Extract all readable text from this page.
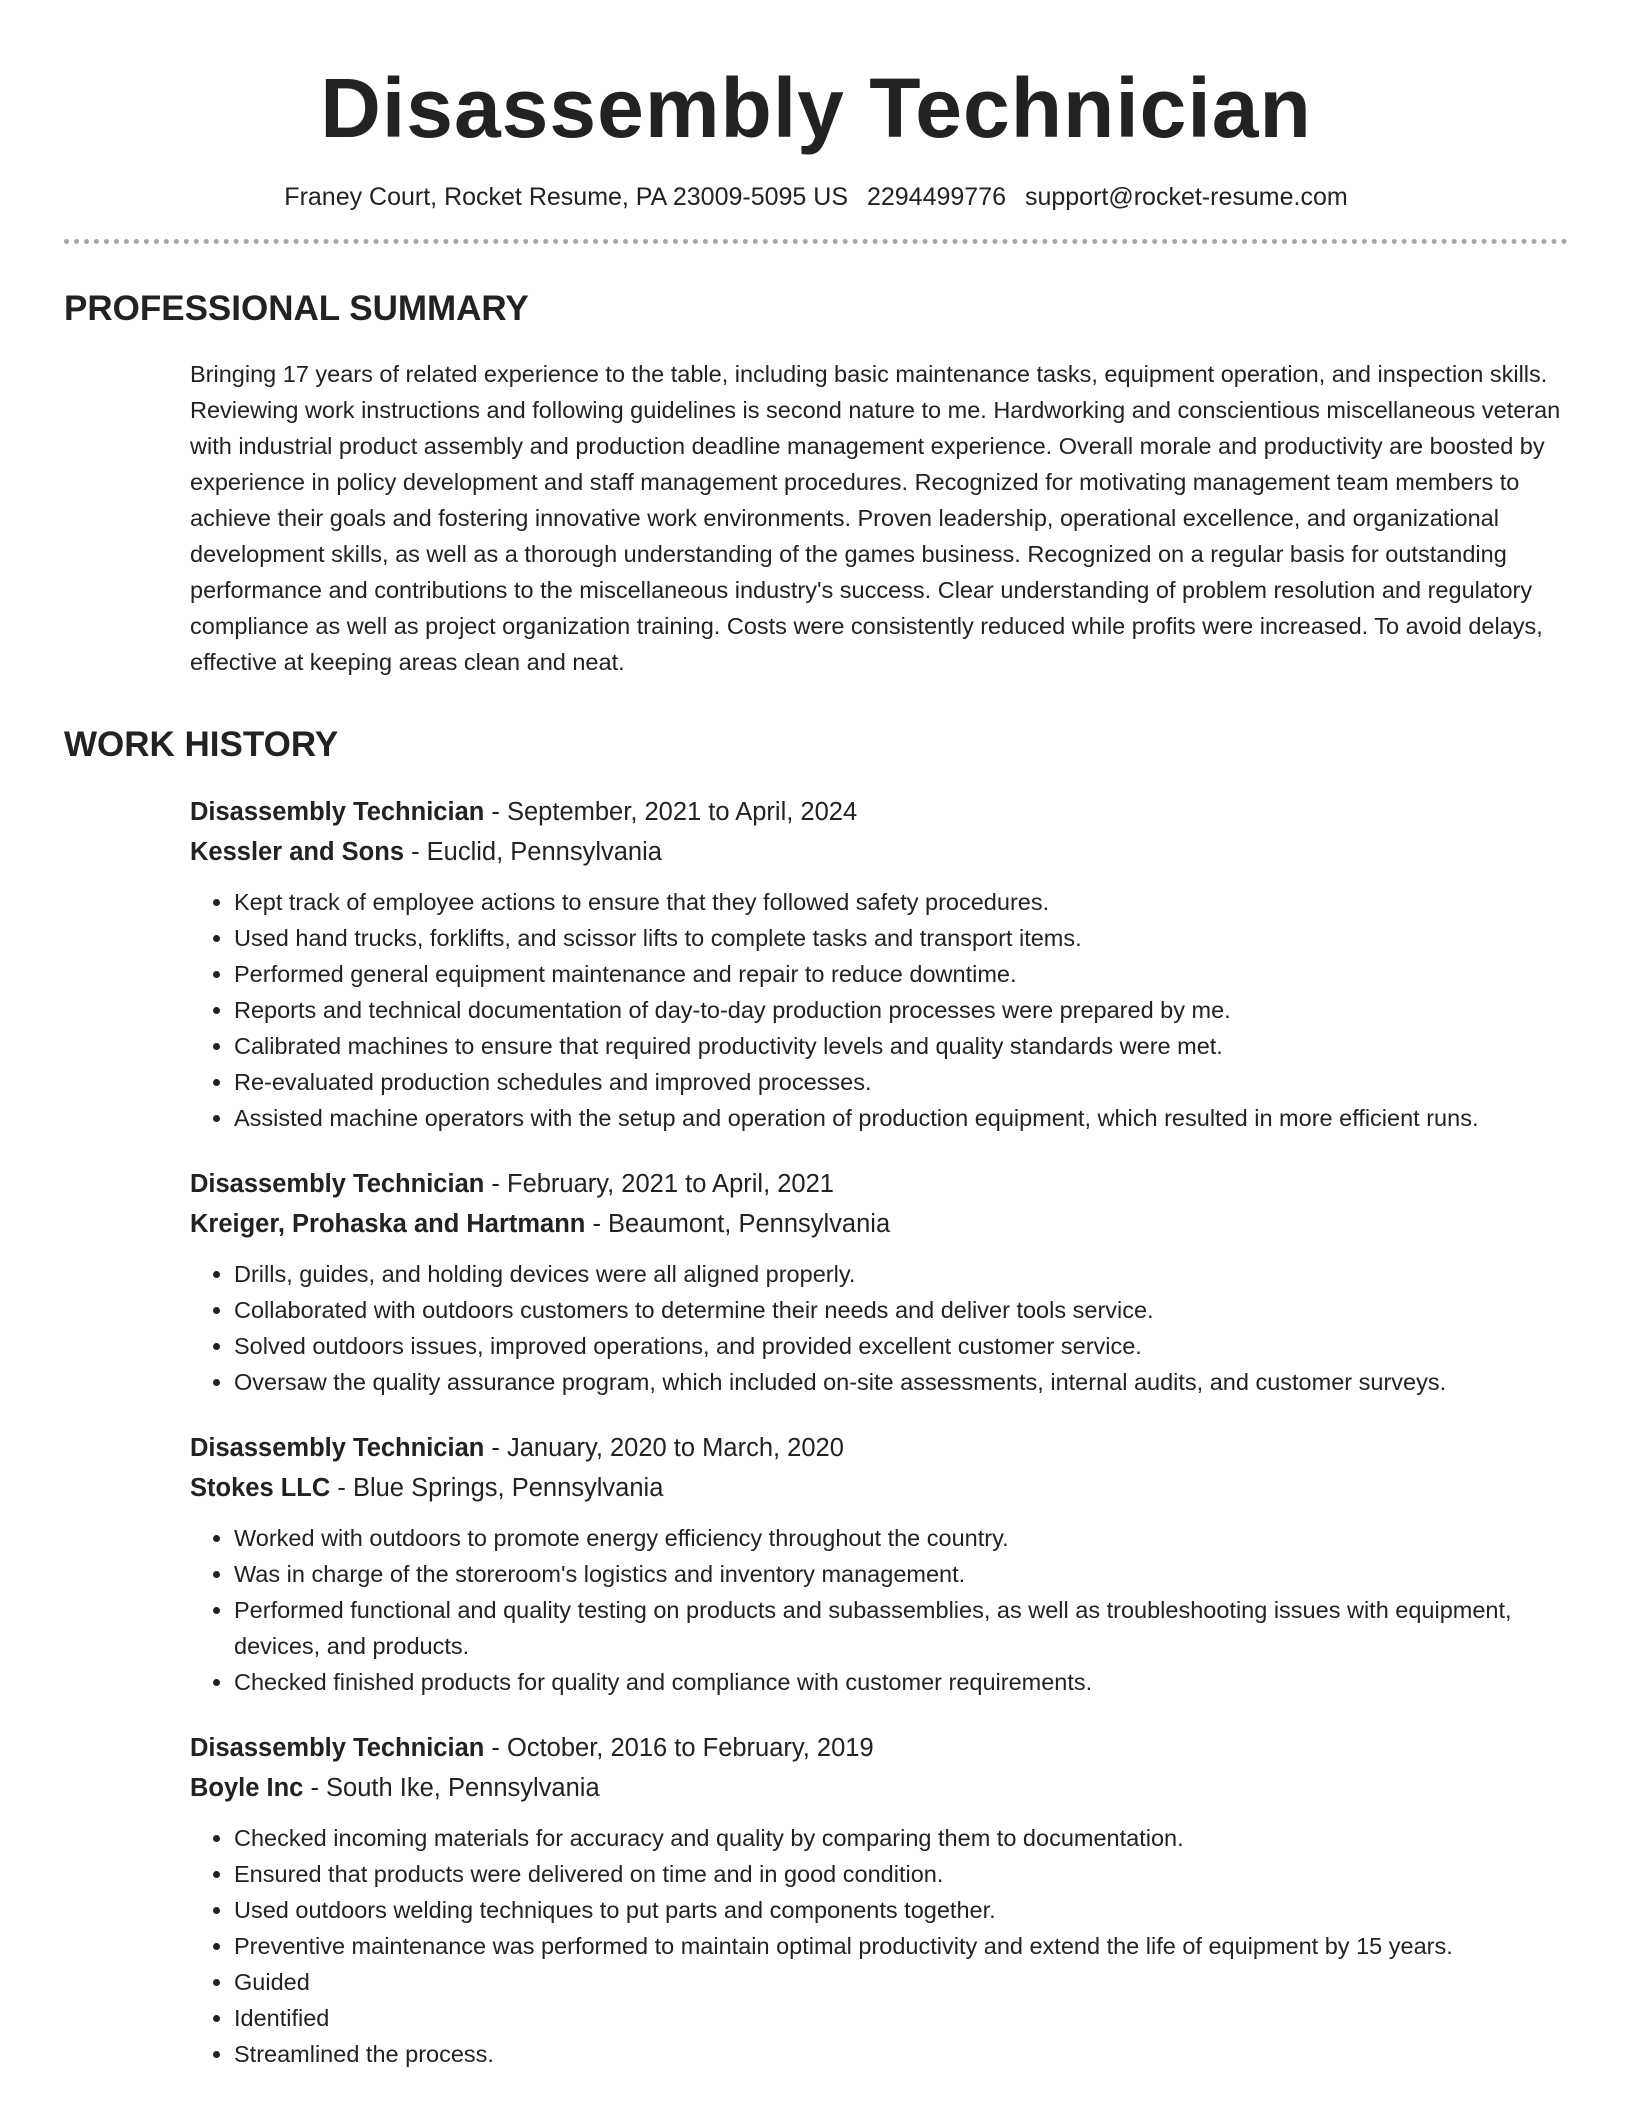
Disassembly Technician
Franey Court, Rocket Resume, PA 23009-5095 US 2294499776 support@rocket-resume.com
PROFESSIONAL SUMMARY

Bringing 17 years of related experience to the table, including basic maintenance tasks, equipment operation, and inspection skills. Reviewing work instructions and following guidelines is second nature to me. Hardworking and conscientious miscellaneous veteran with industrial product assembly and production deadline management experience. Overall morale and productivity are boosted by experience in policy development and staff management procedures. Recognized for motivating management team members to achieve their goals and fostering innovative work environments. Proven leadership, operational excellence, and organizational development skills, as well as a thorough understanding of the games business. Recognized on a regular basis for outstanding performance and contributions to the miscellaneous industry's success. Clear understanding of problem resolution and regulatory compliance as well as project organization training. Costs were consistently reduced while profits were increased. To avoid delays, effective at keeping areas clean and neat.

WORK HISTORY
Disassembly Technician - September, 2021 to April, 2024
Kessler and Sons - Euclid, Pennsylvania
• Kept track of employee actions to ensure that they followed safety procedures.
• Used hand trucks, forklifts, and scissor lifts to complete tasks and transport items.
• Performed general equipment maintenance and repair to reduce downtime.
• Reports and technical documentation of day-to-day production processes were prepared by me.
• Calibrated machines to ensure that required productivity levels and quality standards were met.
• Re-evaluated production schedules and improved processes.
• Assisted machine operators with the setup and operation of production equipment, which resulted in more efficient runs.
Disassembly Technician - February, 2021 to April, 2021
Kreiger, Prohaska and Hartmann - Beaumont, Pennsylvania
• Drills, guides, and holding devices were all aligned properly.
• Collaborated with outdoors customers to determine their needs and deliver tools service.
• Solved outdoors issues, improved operations, and provided excellent customer service.
• Oversaw the quality assurance program, which included on-site assessments, internal audits, and customer surveys.
Disassembly Technician - January, 2020 to March, 2020
Stokes LLC - Blue Springs, Pennsylvania
• Worked with outdoors to promote energy efficiency throughout the country.
• Was in charge of the storeroom's logistics and inventory management.
• Performed functional and quality testing on products and subassemblies, as well as troubleshooting issues with equipment, devices, and products.
• Checked finished products for quality and compliance with customer requirements.
Disassembly Technician - October, 2016 to February, 2019
Boyle Inc - South Ike, Pennsylvania
• Checked incoming materials for accuracy and quality by comparing them to documentation.
• Ensured that products were delivered on time and in good condition.
• Used outdoors welding techniques to put parts and components together.
• Preventive maintenance was performed to maintain optimal productivity and extend the life of equipment by 15 years.
• Guided
• Identified
• Streamlined the process.
